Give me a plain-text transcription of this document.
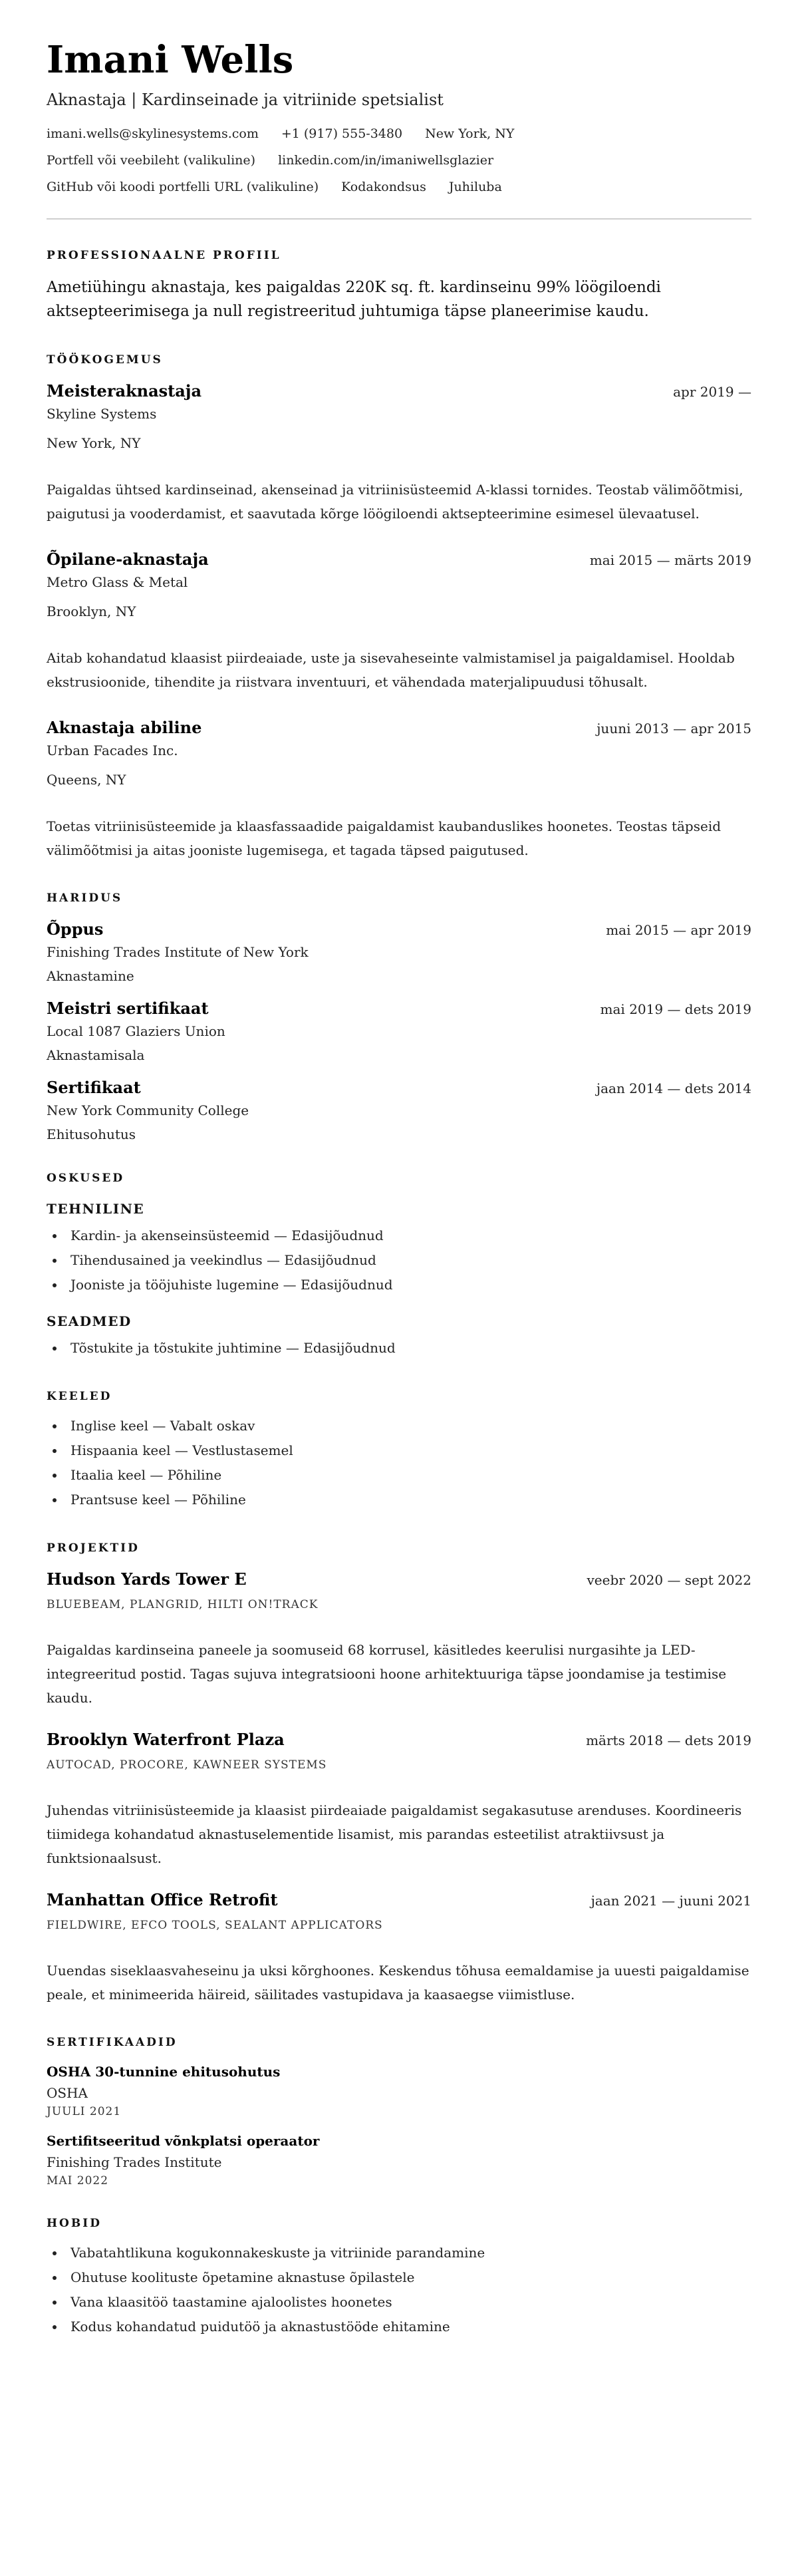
Imani Wells
Aknastaja | Kardinseinade ja vitriinide spetsialist
imani.wells@skylinesystems.com +1 (917) 555-3480 New York, NY
Portfell või veebileht (valikuline) linkedin.com/in/imaniwellsglazier
GitHub või koodi portfelli URL (valikuline) Kodakondsus Juhiluba
PROFESSIONAALNE PROFIIL
Ametiühingu aknastaja, kes paigaldas 220K sq. ft. kardinseinu 99% löögiloendi aktsepteerimisega ja null registreeritud juhtumiga täpse planeerimise kaudu.
TÖÖKOGEMUS
Meisteraknastaja	apr 2019 —
Skyline Systems
New York, NY
Paigaldas ühtsed kardinseinad, akenseinad ja vitriinisüsteemid A-klassi tornides. Teostab välimõõtmisi, paigutusi ja vooderdamist, et saavutada kõrge löögiloendi aktsepteerimine esimesel ülevaatusel.
Õpilane-aknastaja	mai 2015 — märts 2019
Metro Glass & Metal
Brooklyn, NY
Aitab kohandatud klaasist piirdeaiade, uste ja sisevaheseinte valmistamisel ja paigaldamisel. Hooldab ekstrusioonide, tihendite ja riistvara inventuuri, et vähendada materjalipuudusi tõhusalt.
Aknastaja abiline	juuni 2013 — apr 2015
Urban Facades Inc.
Queens, NY
Toetas vitriinisüsteemide ja klaasfassaadide paigaldamist kaubanduslikes hoonetes. Teostas täpseid välimõõtmisi ja aitas jooniste lugemisega, et tagada täpsed paigutused.
HARIDUS
Õppus	mai 2015 — apr 2019
Finishing Trades Institute of New York
Aknastamine
Meistri sertifikaat	mai 2019 — dets 2019
Local 1087 Glaziers Union
Aknastamisala
Sertifikaat	jaan 2014 — dets 2014
New York Community College
Ehitusohutus
OSKUSED
TEHNILINE
• Kardin- ja akenseinsüsteemid — Edasijõudnud
• Tihendusained ja veekindlus — Edasijõudnud
• Jooniste ja tööjuhiste lugemine — Edasijõudnud
SEADMED
• Tõstukite ja tõstukite juhtimine — Edasijõudnud
KEELED
• Inglise keel — Vabalt oskav
• Hispaania keel — Vestlustasemel
• Itaalia keel — Põhiline
• Prantsuse keel — Põhiline
PROJEKTID
Hudson Yards Tower E	veebr 2020 — sept 2022
BLUEBEAM, PLANGRID, HILTI ON!TRACK
Paigaldas kardinseina paneele ja soomuseid 68 korrusel, käsitledes keerulisi nurgasihte ja LED-integreeritud postid. Tagas sujuva integratsiooni hoone arhitektuuriga täpse joondamise ja testimise kaudu.
Brooklyn Waterfront Plaza	märts 2018 — dets 2019
AUTOCAD, PROCORE, KAWNEER SYSTEMS
Juhendas vitriinisüsteemide ja klaasist piirdeaiade paigaldamist segakasutuse arenduses. Koordineeris tiimidega kohandatud aknastuselementide lisamist, mis parandas esteetilist atraktiivsust ja funktsionaalsust.
Manhattan Office Retrofit	jaan 2021 — juuni 2021
FIELDWIRE, EFCO TOOLS, SEALANT APPLICATORS
Uuendas siseklaasvaheseinu ja uksi kõrghoones. Keskendus tõhusa eemaldamise ja uuesti paigaldamise peale, et minimeerida häireid, säilitades vastupidava ja kaasaegse viimistluse.
SERTIFIKAADID
OSHA 30-tunnine ehitusohutus
OSHA
JUULI 2021
Sertifitseeritud võnkplatsi operaator
Finishing Trades Institute
MAI 2022
HOBID
• Vabatahtlikuna kogukonnakeskuste ja vitriinide parandamine
• Ohutuse koolituste õpetamine aknastuse õpilastele
• Vana klaasitöö taastamine ajaloolistes hoonetes
• Kodus kohandatud puidutöö ja aknastustööde ehitamine
